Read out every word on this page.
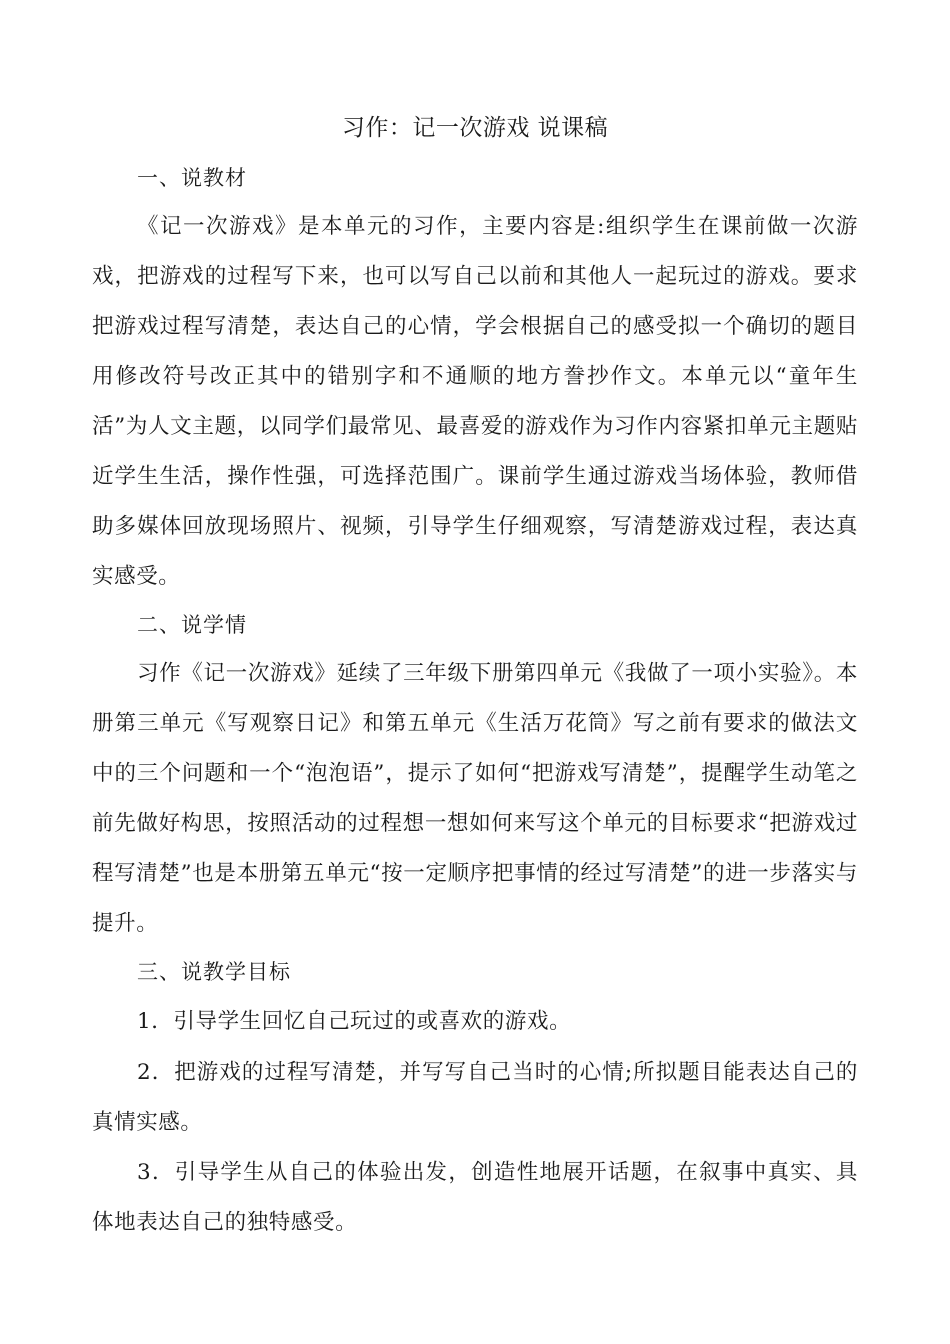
习作：记一次游戏 说课稿
一、说教材
《记一次游戏》是本单元的习作，主要内容是:组织学生在课前做一次游戏，把游戏的过程写下来，也可以写自己以前和其他人一起玩过的游戏。要求把游戏过程写清楚，表达自己的心情，学会根据自己的感受拟一个确切的题目用修改符号改正其中的错别字和不通顺的地方誊抄作文。本单元以“童年生活”为人文主题，以同学们最常见、最喜爱的游戏作为习作内容紧扣单元主题贴近学生生活，操作性强，可选择范围广。课前学生通过游戏当场体验，教师借助多媒体回放现场照片、视频，引导学生仔细观察，写清楚游戏过程，表达真实感受。
二、说学情
习作《记一次游戏》延续了三年级下册第四单元《我做了一项小实验》。本册第三单元《写观察日记》和第五单元《生活万花筒》写之前有要求的做法文中的三个问题和一个“泡泡语”，提示了如何“把游戏写清楚”，提醒学生动笔之前先做好构思，按照活动的过程想一想如何来写这个单元的目标要求“把游戏过程写清楚”也是本册第五单元“按一定顺序把事情的经过写清楚”的进一步落实与提升。
三、说教学目标
1．引导学生回忆自己玩过的或喜欢的游戏。
2．把游戏的过程写清楚，并写写自己当时的心情;所拟题目能表达自己的真情实感。
3．引导学生从自己的体验出发，创造性地展开话题，在叙事中真实、具体地表达自己的独特感受。
